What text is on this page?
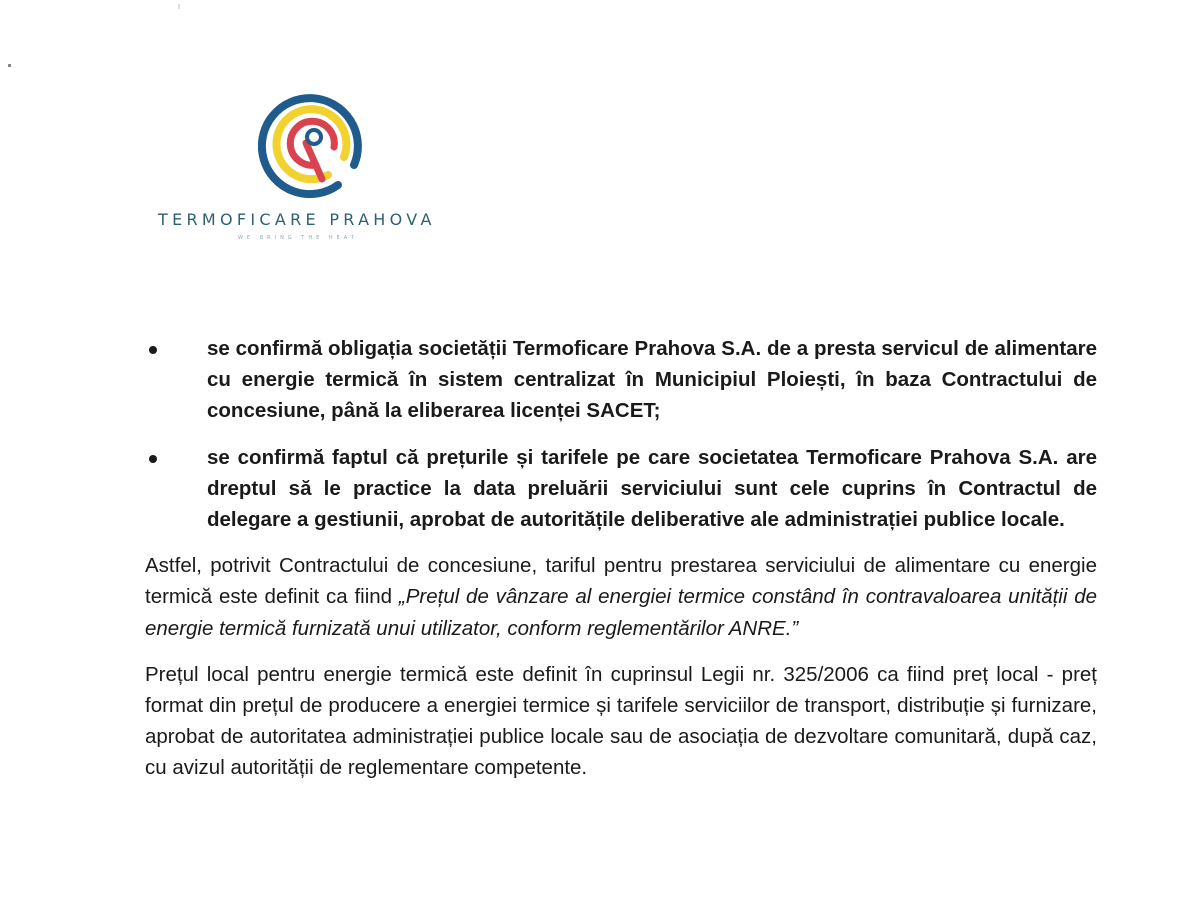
TERMOFICARE PRAHOVA
WE BRING THE HEAT
se confirmă obligația societății Termoficare Prahova S.A. de a presta servicul de alimentare cu energie termică în sistem centralizat în Municipiul Ploiești, în baza Contractului de concesiune, până la eliberarea licenței SACET;
se confirmă faptul că prețurile și tarifele pe care societatea Termoficare Prahova S.A. are dreptul să le practice la data preluării serviciului sunt cele cuprins în Contractul de delegare a gestiunii, aprobat de autoritățile deliberative ale administrației publice locale.

Astfel, potrivit Contractului de concesiune, tariful pentru prestarea serviciului de alimentare cu energie termică este definit ca fiind „Prețul de vânzare al energiei termice constând în contravaloarea unității de energie termică furnizată unui utilizator, conform reglementărilor ANRE.”

Prețul local pentru energie termică este definit în cuprinsul Legii nr. 325/2006 ca fiind preț local - preț format din prețul de producere a energiei termice și tarifele serviciilor de transport, distribuție și furnizare, aprobat de autoritatea administrației publice locale sau de asociația de dezvoltare comunitară, după caz, cu avizul autorității de reglementare competente.
